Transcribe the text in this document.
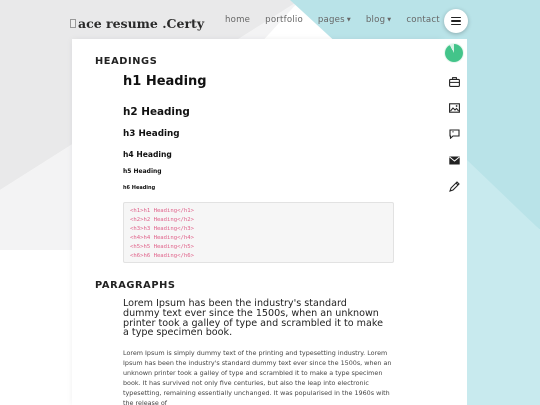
ace resume .Certy home portfolio pages ▼ blog ▼ contact
HEADINGS
h1 Heading
h2 Heading
h3 Heading
h4 Heading
h5 Heading
h6 Heading
<h1>h1 Heading</h1>
<h2>h2 Heading</h2>
<h3>h3 Heading</h3>
<h4>h4 Heading</h4>
<h5>h5 Heading</h5>
<h6>h6 Heading</h6>
PARAGRAPHS

Lorem Ipsum has been the industry's standard dummy text ever since the 1500s, when an unknown printer took a galley of type and scrambled it to make a type specimen book.

Lorem Ipsum is simply dummy text of the printing and typesetting industry. Lorem Ipsum has been the industry's standard dummy text ever since the 1500s, when an unknown printer took a galley of type and scrambled it to make a type specimen book. It has survived not only five centuries, but also the leap into electronic typesetting, remaining essentially unchanged. It was popularised in the 1960s with the release of

"
